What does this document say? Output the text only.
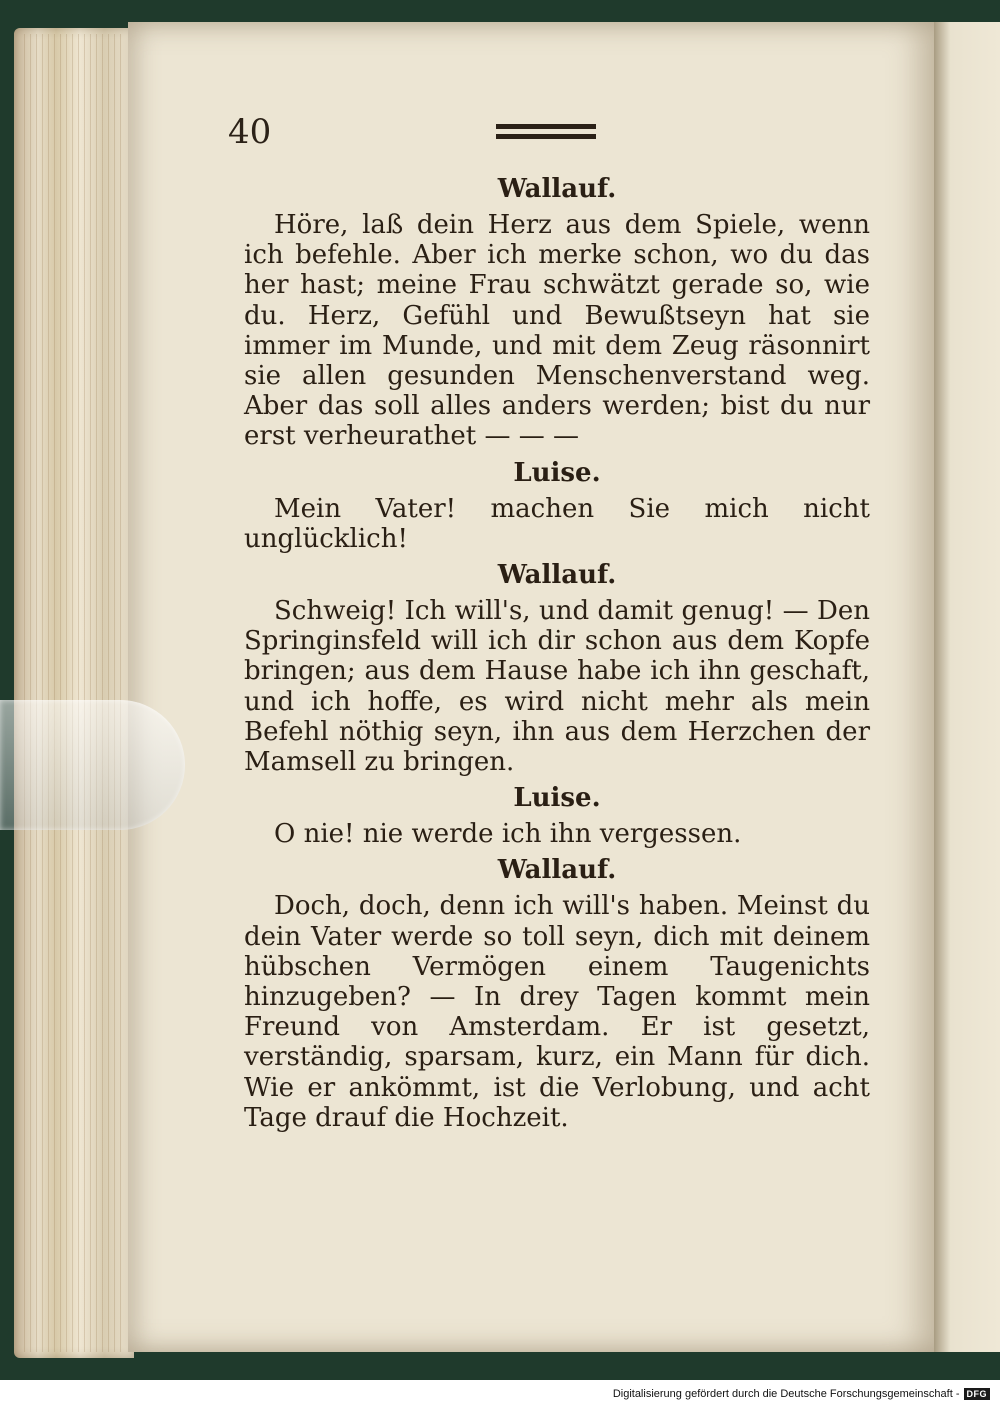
40
Wallauf.

Höre, laß dein Herz aus dem Spiele, wenn ich befehle. Aber ich merke schon, wo du das her hast; meine Frau schwätzt gerade so, wie du. Herz, Gefühl und Bewußtseyn hat sie immer im Munde, und mit dem Zeug räsonnirt sie allen gesunden Menschenverstand weg. Aber das soll alles anders werden; bist du nur erst verheurathet — — —

Luise.

Mein Vater! machen Sie mich nicht unglücklich!

Wallauf.

Schweig! Ich will's, und damit genug! — Den Springinsfeld will ich dir schon aus dem Kopfe bringen; aus dem Hause habe ich ihn geschaft, und ich hoffe, es wird nicht mehr als mein Befehl nöthig seyn, ihn aus dem Herzchen der Mamsell zu bringen.

Luise.

O nie! nie werde ich ihn vergessen.

Wallauf.

Doch, doch, denn ich will's haben. Meinst du dein Vater werde so toll seyn, dich mit deinem hübschen Vermögen einem Taugenichts hinzugeben? — In drey Tagen kommt mein Freund von Amsterdam. Er ist gesetzt, verständig, sparsam, kurz, ein Mann für dich. Wie er ankömmt, ist die Verlobung, und acht Tage drauf die Hochzeit.

Digitalisierung gefördert durch die Deutsche Forschungsgemeinschaft - DFG
